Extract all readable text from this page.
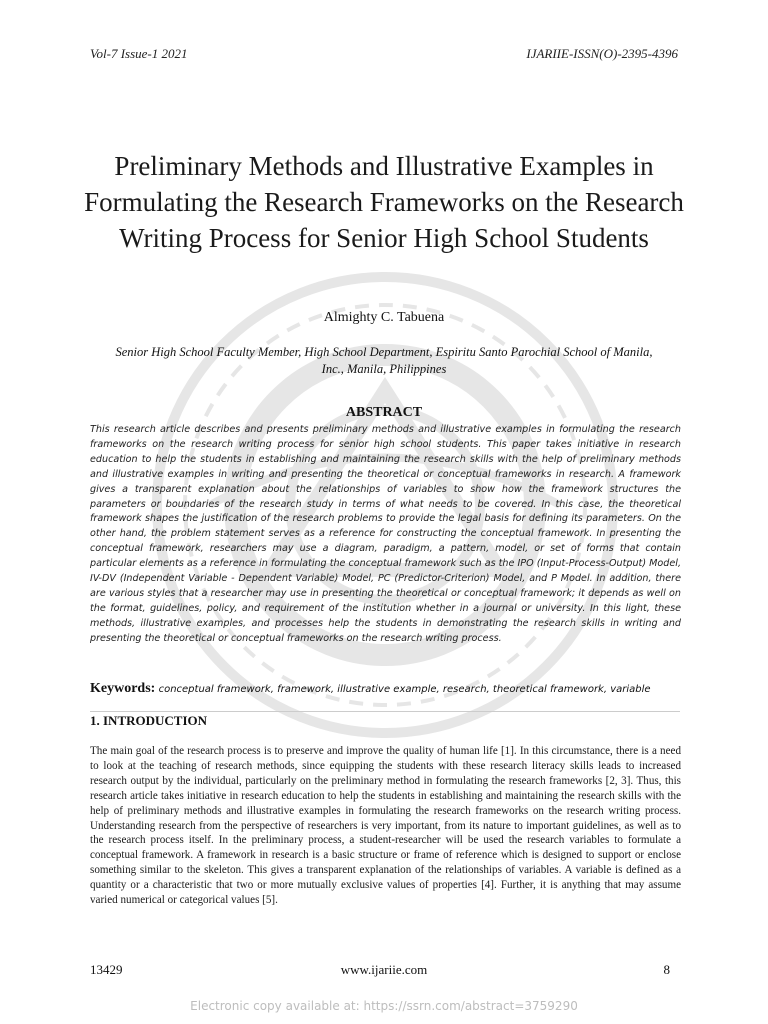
Vol-7 Issue-1 2021	IJARIIE-ISSN(O)-2395-4396
Preliminary Methods and Illustrative Examples in Formulating the Research Frameworks on the Research Writing Process for Senior High School Students
Almighty C. Tabuena
Senior High School Faculty Member, High School Department, Espiritu Santo Parochial School of Manila, Inc., Manila, Philippines
ABSTRACT
This research article describes and presents preliminary methods and illustrative examples in formulating the research frameworks on the research writing process for senior high school students. This paper takes initiative in research education to help the students in establishing and maintaining the research skills with the help of preliminary methods and illustrative examples in writing and presenting the theoretical or conceptual frameworks in research. A framework gives a transparent explanation about the relationships of variables to show how the framework structures the parameters or boundaries of the research study in terms of what needs to be covered. In this case, the theoretical framework shapes the justification of the research problems to provide the legal basis for defining its parameters. On the other hand, the problem statement serves as a reference for constructing the conceptual framework. In presenting the conceptual framework, researchers may use a diagram, paradigm, a pattern, model, or set of forms that contain particular elements as a reference in formulating the conceptual framework such as the IPO (Input-Process-Output) Model, IV-DV (Independent Variable - Dependent Variable) Model, PC (Predictor-Criterion) Model, and P Model. In addition, there are various styles that a researcher may use in presenting the theoretical or conceptual framework; it depends as well on the format, guidelines, policy, and requirement of the institution whether in a journal or university. In this light, these methods, illustrative examples, and processes help the students in demonstrating the research skills in writing and presenting the theoretical or conceptual frameworks on the research writing process.
Keywords: conceptual framework, framework, illustrative example, research, theoretical framework, variable
1. INTRODUCTION
The main goal of the research process is to preserve and improve the quality of human life [1]. In this circumstance, there is a need to look at the teaching of research methods, since equipping the students with these research literacy skills leads to increased research output by the individual, particularly on the preliminary method in formulating the research frameworks [2, 3]. Thus, this research article takes initiative in research education to help the students in establishing and maintaining the research skills with the help of preliminary methods and illustrative examples in formulating the research frameworks on the research writing process. Understanding research from the perspective of researchers is very important, from its nature to important guidelines, as well as to the research process itself. In the preliminary process, a student-researcher will be used the research variables to formulate a conceptual framework. A framework in research is a basic structure or frame of reference which is designed to support or enclose something similar to the skeleton. This gives a transparent explanation of the relationships of variables. A variable is defined as a quantity or a characteristic that two or more mutually exclusive values of properties [4]. Further, it is anything that may assume varied numerical or categorical values [5].
13429	www.ijariie.com	8
Electronic copy available at: https://ssrn.com/abstract=3759290
